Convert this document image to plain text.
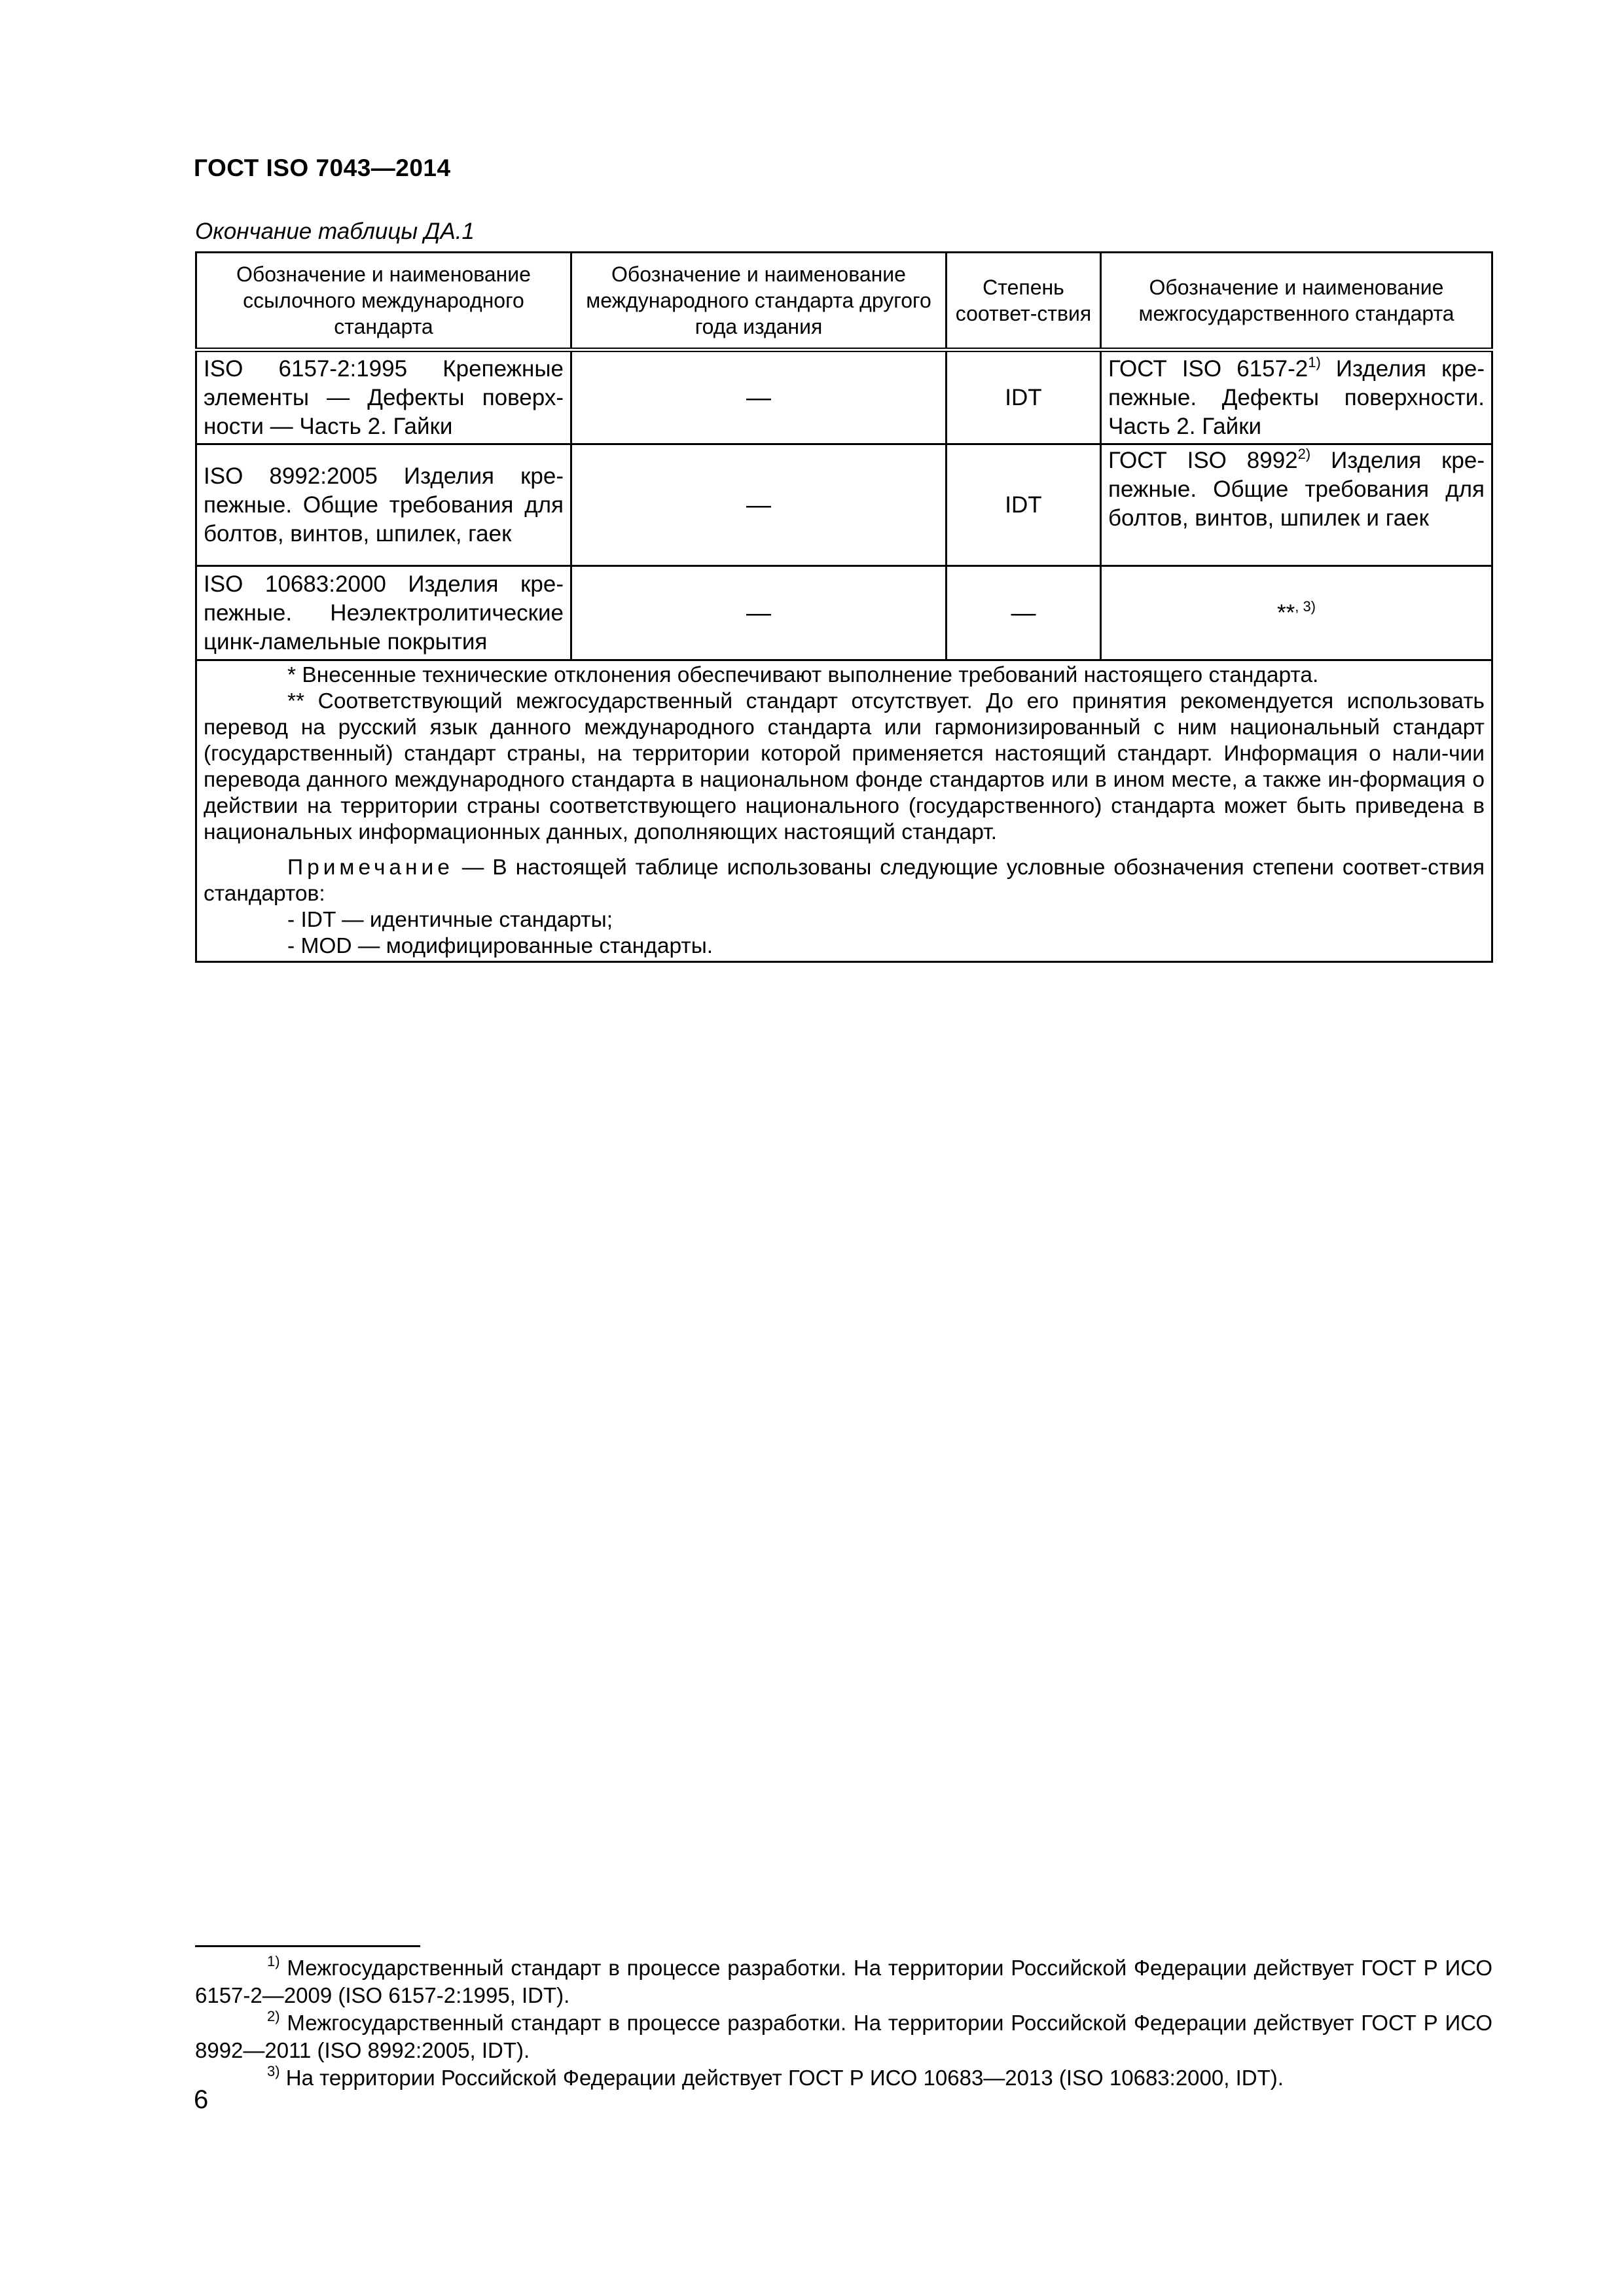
ГОСТ ISO 7043—2014
Окончание таблицы ДА.1
Обозначение и наименование ссылочного международного стандарта	Обозначение и наименование международного стандарта другого года издания	Степень соответ-ствия	Обозначение и наименование межгосударственного стандарта
ISO 6157-2:1995 Крепежные элементы — Дефекты поверх-ности — Часть 2. Гайки	—	IDT	ГОСТ ISO 6157-2$^{1)}$ Изделия кре-пежные. Дефекты поверхности. Часть 2. Гайки
ISO 8992:2005 Изделия кре-пежные. Общие требования для болтов, винтов, шпилек, гаек	—	IDT	ГОСТ ISO 8992$^{2)}$ Изделия кре-пежные. Общие требования для болтов, винтов, шпилек и гаек
ISO 10683:2000 Изделия кре-пежные. Неэлектролитические цинк-ламельные покрытия	—	—	**$^{, 3)}$

* Внесенные технические отклонения обеспечивают выполнение требований настоящего стандарта.

** Соответствующий межгосударственный стандарт отсутствует. До его принятия рекомендуется использовать перевод на русский язык данного международного стандарта или гармонизированный с ним национальный стандарт (государственный) стандарт страны, на территории которой применяется настоящий стандарт. Информация о нали-чии перевода данного международного стандарта в национальном фонде стандартов или в ином месте, а также ин-формация о действии на территории страны соответствующего национального (государственного) стандарта может быть приведена в национальных информационных данных, дополняющих настоящий стандарт.

Примечание — В настоящей таблице использованы следующие условные обозначения степени соответ-ствия стандартов:

- IDT — идентичные стандарты;

- MOD — модифицированные стандарты.			

$^{1)}$ Межгосударственный стандарт в процессе разработки. На территории Российской Федерации действует ГОСТ Р ИСО 6157-2—2009 (ISO 6157-2:1995, IDT).

$^{2)}$ Межгосударственный стандарт в процессе разработки. На территории Российской Федерации действует ГОСТ Р ИСО 8992—2011 (ISO 8992:2005, IDT).

$^{3)}$ На территории Российской Федерации действует ГОСТ Р ИСО 10683—2013 (ISO 10683:2000, IDT).

6
